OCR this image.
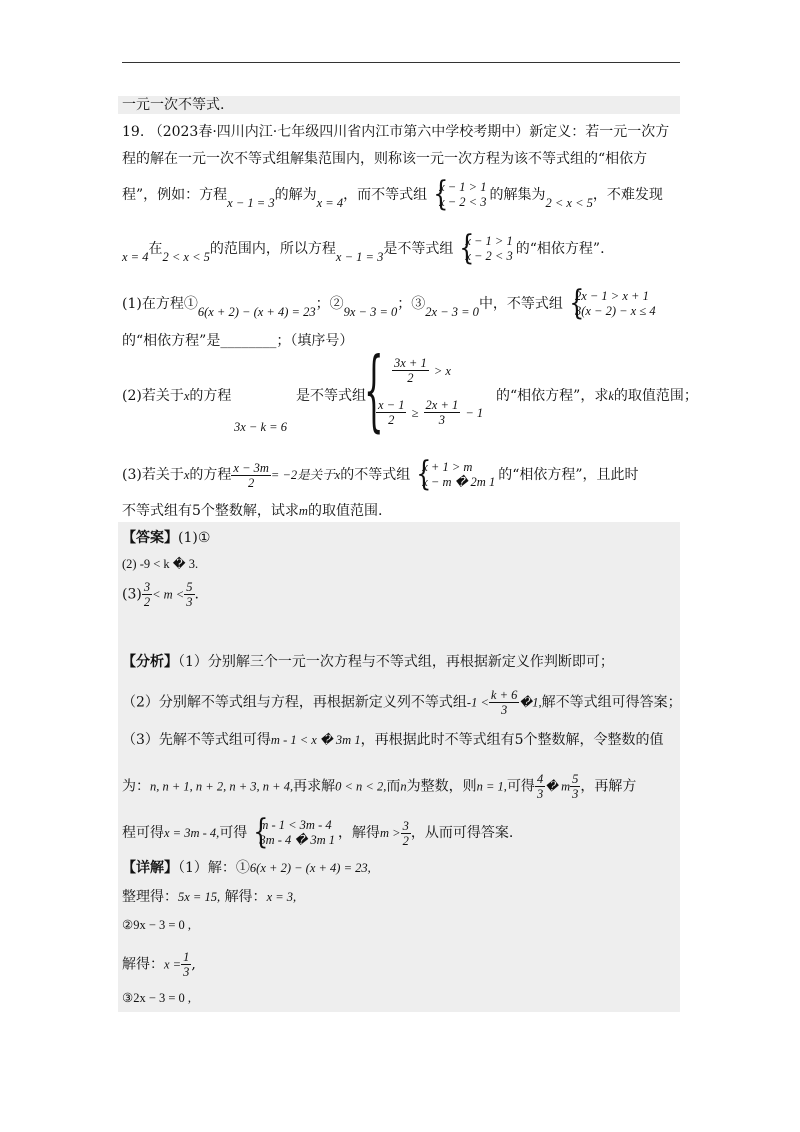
一元一次不等式.
19. （2023春·四川内江·七年级四川省内江市第六中学校考期中）新定义：若一元一次方
程的解在一元一次不等式组解集范围内，则称该一元一次方程为该不等式组的“相依方
程”，例如：方程x − 1 = 3的解为x = 4，而不等式组 {
x − 1 > 1
x − 2 < 3 的解集为2 < x < 5，不难发现
x = 4在2 < x < 5的范围内，所以方程x − 1 = 3是不等式组 {
x − 1 > 1
x − 2 < 3 的“相依方程”.
(1)在方程①6(x + 2) − (x + 4) = 23；②9x − 3 = 0；③2x − 3 = 0中，不等式组 {
2x − 1 > x + 1
3(x − 2) − x ≤ 4
的“相依方程”是________；（填序号）
(2)若关于x的方程
3x − k = 6
是不等式组
{ $\frac{3x + 1}{2} > x$
$\frac{x - 1}{2} \ge \frac{2x + 1}{3} - 1$
的“相依方程”，求k的取值范围；
(3)若关于x的方程 $\frac{x - 3m}{2} = -2$是关于x的不等式组 {
x + 1 > m
x − m � 2m 1 的“相依方程”，且此时
不等式组有5个整数解，试求m的取值范围.
【答案】(1)①
(2) -9 < k � 3.
$(3) \frac{3}{2} < m < \frac{5}{3}$ .
【分析】（1）分别解三个一元一次方程与不等式组，再根据新定义作判断即可；
（2）分别解不等式组与方程，再根据新定义列不等式组$-1 < \frac{k + 6}{3}$ �1,解不等式组可得答案；
（3）先解不等式组可得m - 1 < x � 3m 1，再根据此时不等式组有5个整数解，令整数的值
为：n, n + 1, n + 2, n + 3, n + 4,再求解0 < n < 2,而n为整数，则n = 1,可得 $\frac{4}{3}$ � m $\frac{5}{3}$ ，再解方
程可得x = 3m - 4,可得 {
m - 1 < 3m - 4
3m - 4 � 3m 1 ，解得$m > \frac{3}{2}$ ，从而可得答案.
【详解】（1）解：①6(x + 2) − (x + 4) = 23,
整理得：5x = 15, 解得：x = 3,
②9x − 3 = 0 ,
解得：$x = \frac{1}{3}$ ,
③2x − 3 = 0 ,
